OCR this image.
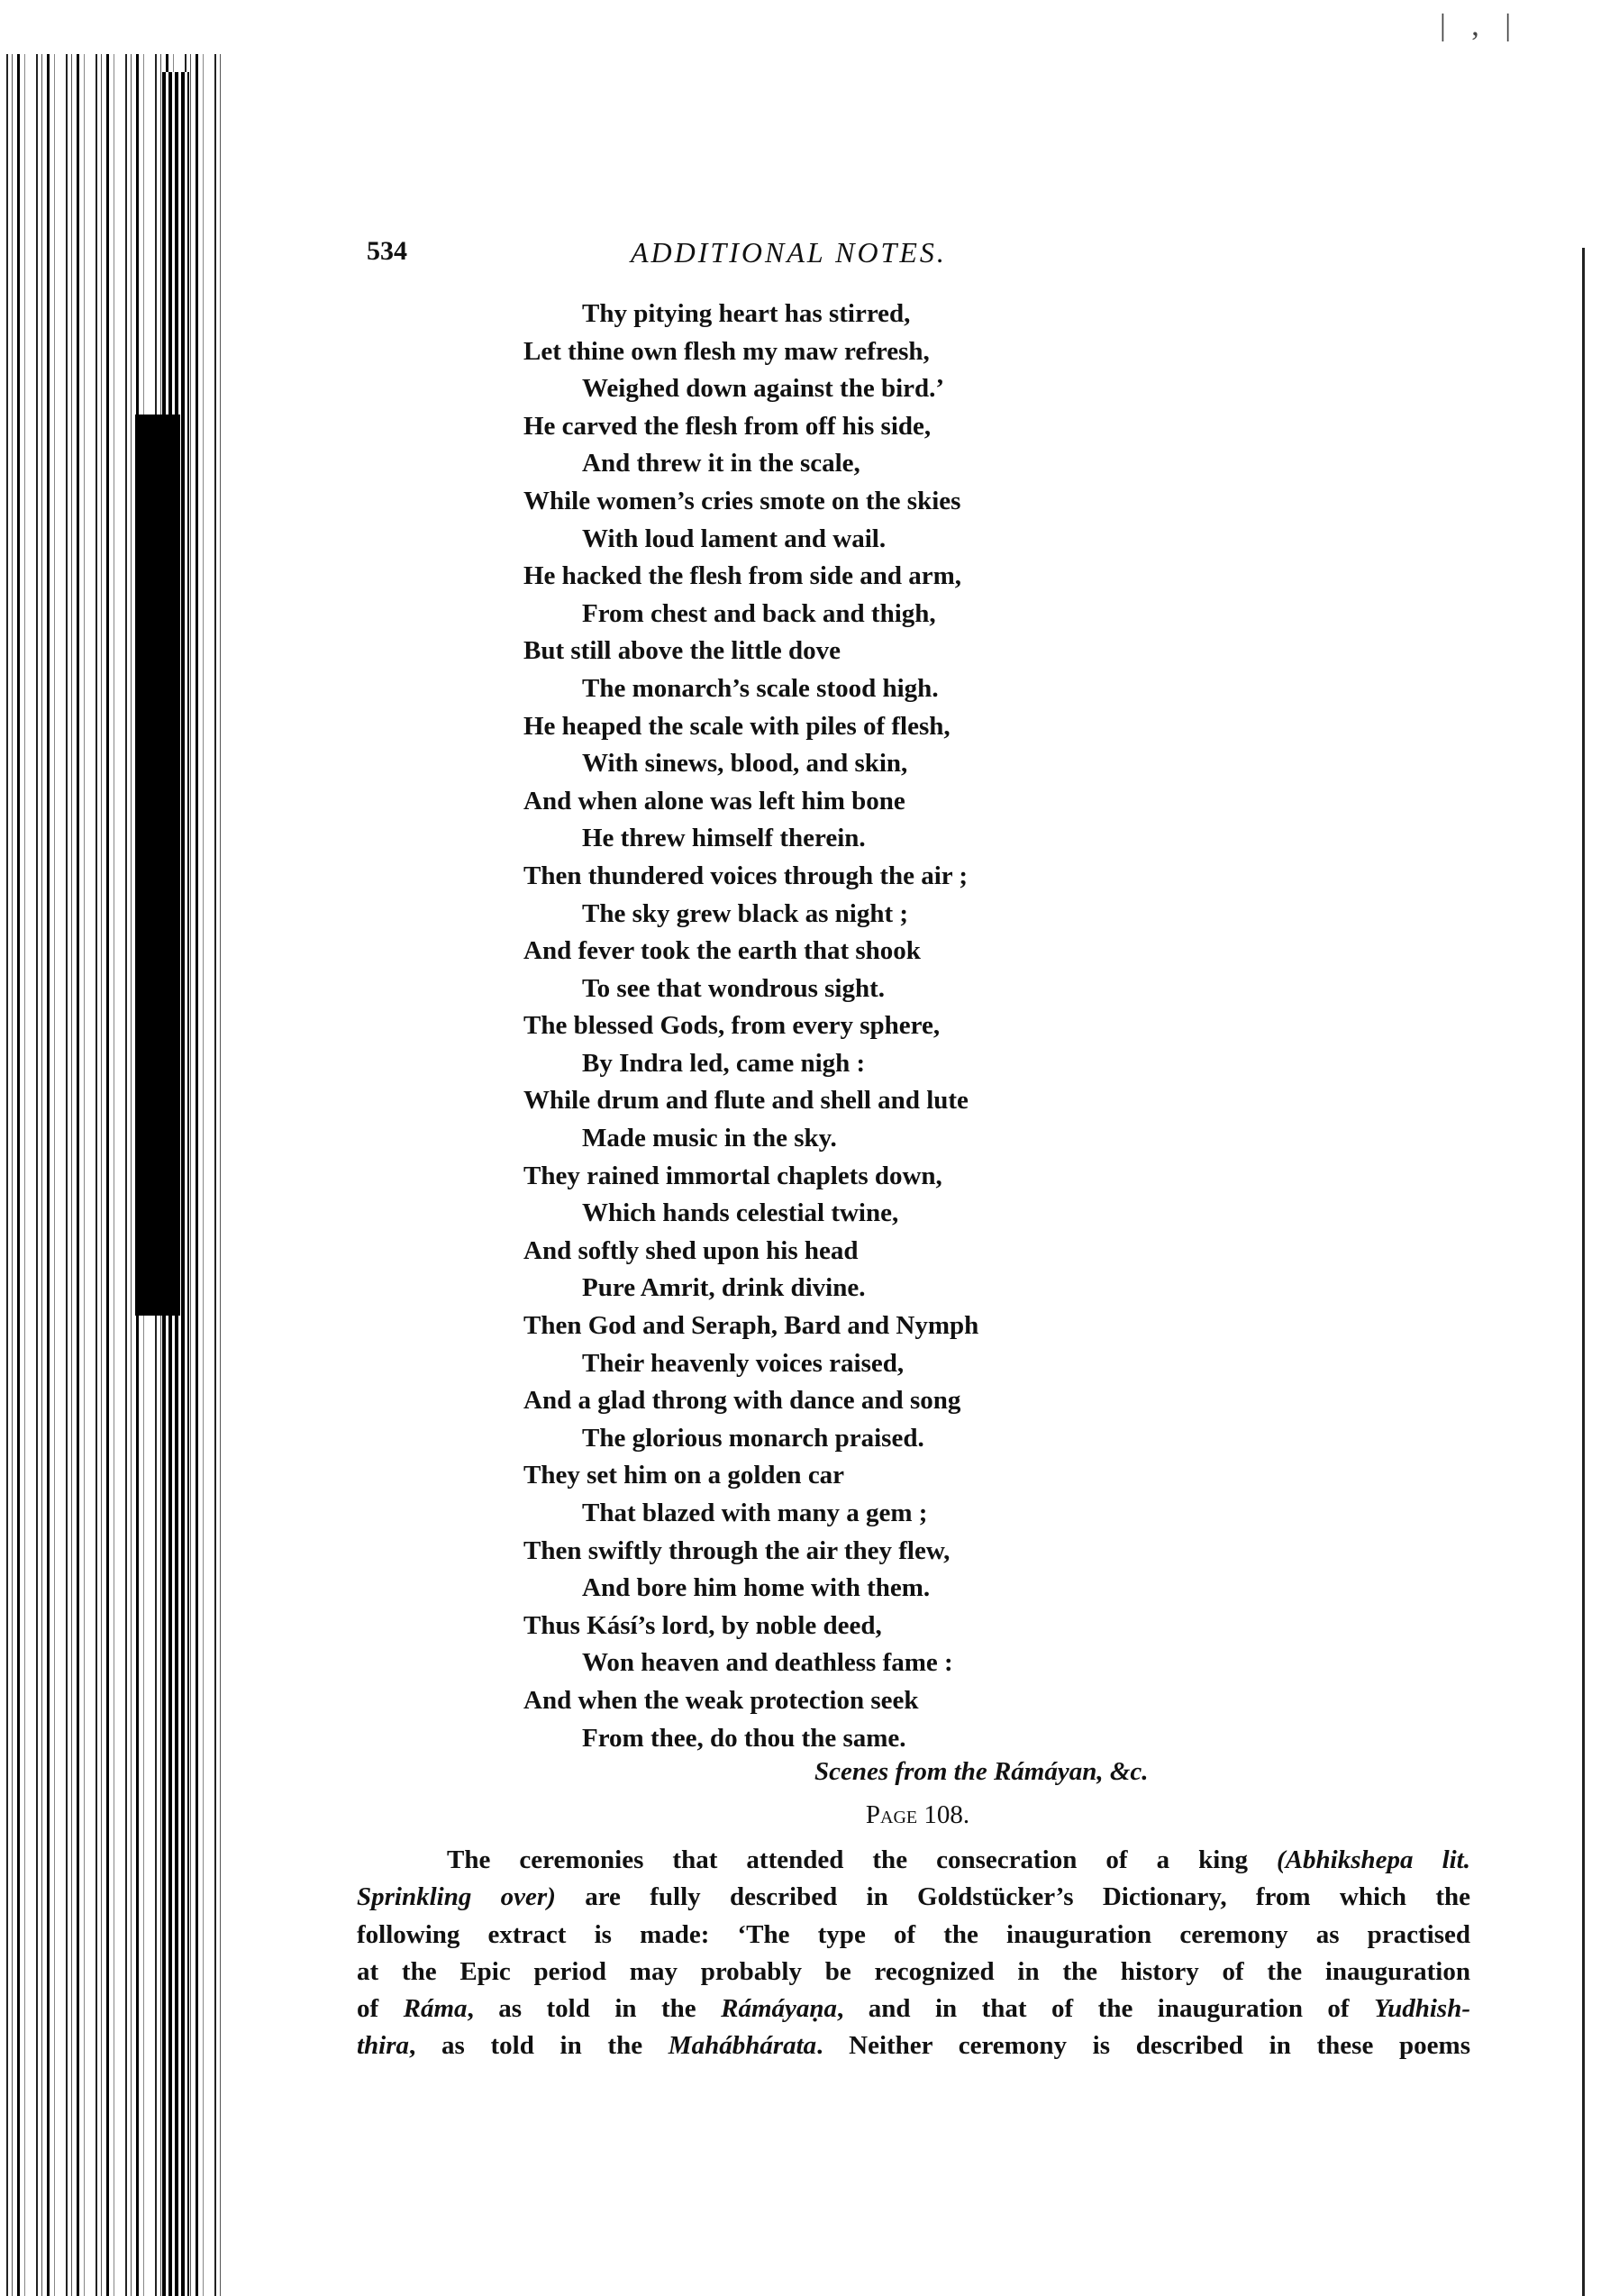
| , |
534	ADDITIONAL NOTES.
Thy pitying heart has stirred,
Let thine own flesh my maw refresh,
Weighed down against the bird.’
He carved the flesh from off his side,
And threw it in the scale,
While women’s cries smote on the skies
With loud lament and wail.
He hacked the flesh from side and arm,
From chest and back and thigh,
But still above the little dove
The monarch’s scale stood high.
He heaped the scale with piles of flesh,
With sinews, blood, and skin,
And when alone was left him bone
He threw himself therein.
Then thundered voices through the air ;
The sky grew black as night ;
And fever took the earth that shook
To see that wondrous sight.
The blessed Gods, from every sphere,
By Indra led, came nigh :
While drum and flute and shell and lute
Made music in the sky.
They rained immortal chaplets down,
Which hands celestial twine,
And softly shed upon his head
Pure Amrit, drink divine.
Then God and Seraph, Bard and Nymph
Their heavenly voices raised,
And a glad throng with dance and song
The glorious monarch praised.
They set him on a golden car
That blazed with many a gem ;
Then swiftly through the air they flew,
And bore him home with them.
Thus Kásí’s lord, by noble deed,
Won heaven and deathless fame :
And when the weak protection seek
From thee, do thou the same.
Scenes from the Rámáyan, &c.
Page 108.
The ceremonies that attended the consecration of a king (Abhikshepa lit.
Sprinkling over) are fully described in Goldstücker’s Dictionary, from which the
following extract is made: ‘The type of the inauguration ceremony as practised
at the Epic period may probably be recognized in the history of the inauguration
of Ráma, as told in the Rámáyaṇa, and in that of the inauguration of Yudhish-
thira, as told in the Mahábhárata. Neither ceremony is described in these poems
